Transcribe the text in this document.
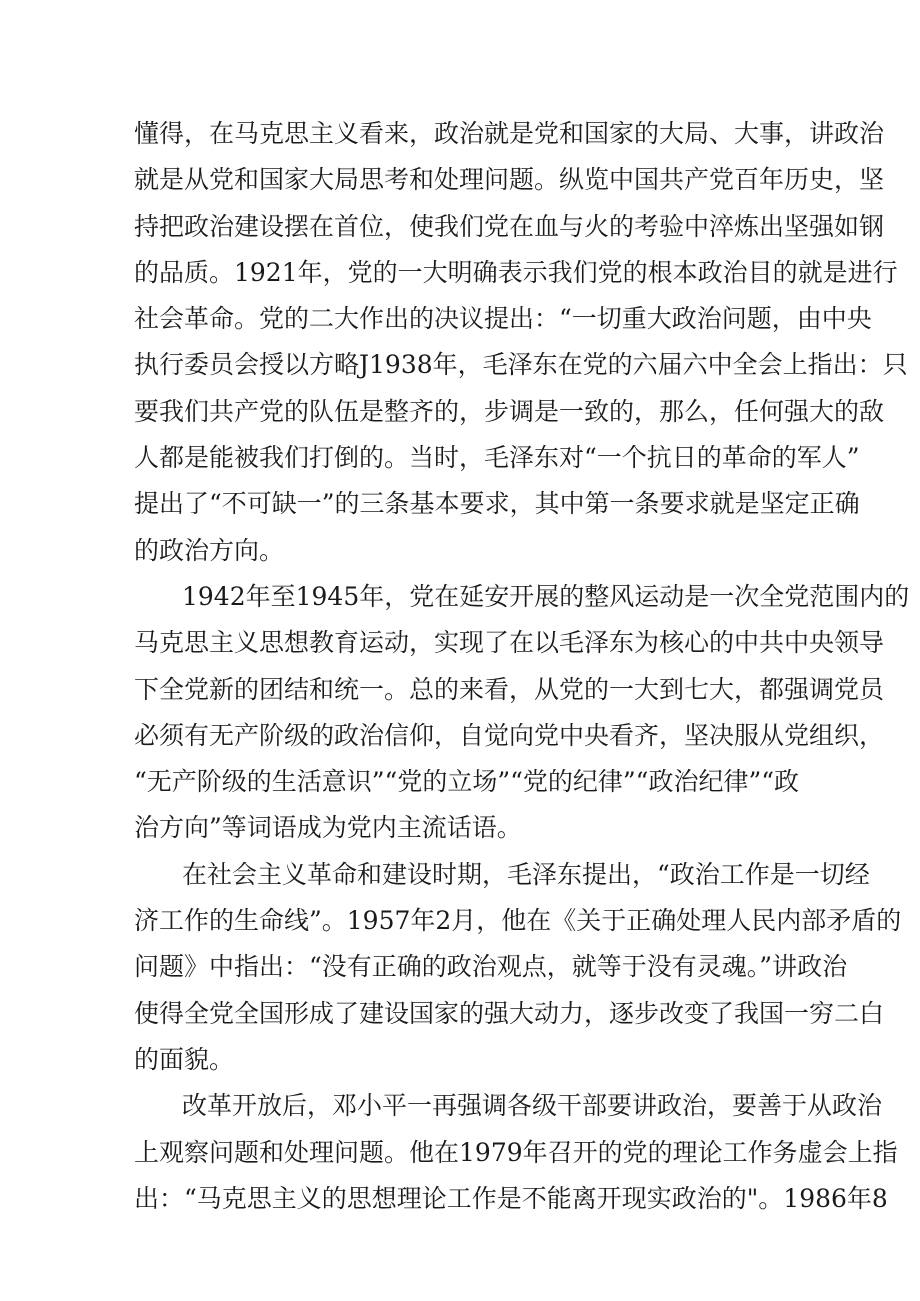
懂得，在马克思主义看来，政治就是党和国家的大局、大事，讲政治
就是从党和国家大局思考和处理问题。纵览中国共产党百年历史，坚
持把政治建设摆在首位，使我们党在血与火的考验中淬炼出坚强如钢
的品质。1921年，党的一大明确表示我们党的根本政治目的就是进行
社会革命。党的二大作出的决议提出：“一切重大政治问题，由中央
执行委员会授以方略J1938年，毛泽东在党的六届六中全会上指出：只
要我们共产党的队伍是整齐的，步调是一致的，那么，任何强大的敌
人都是能被我们打倒的。当时，毛泽东对“一个抗日的革命的军人”
提出了“不可缺一”的三条基本要求，其中第一条要求就是坚定正确
的政治方向。
1942年至1945年，党在延安开展的整风运动是一次全党范围内的
马克思主义思想教育运动，实现了在以毛泽东为核心的中共中央领导
下全党新的团结和统一。总的来看，从党的一大到七大，都强调党员
必须有无产阶级的政治信仰，自觉向党中央看齐，坚决服从党组织，
“无产阶级的生活意识”“党的立场”“党的纪律”“政治纪律”“政
治方向”等词语成为党内主流话语。
在社会主义革命和建设时期，毛泽东提出，“政治工作是一切经
济工作的生命线”。1957年2月，他在《关于正确处理人民内部矛盾的
问题》中指出：“没有正确的政治观点，就等于没有灵魂。”讲政治
使得全党全国形成了建设国家的强大动力，逐步改变了我国一穷二白
的面貌。
改革开放后，邓小平一再强调各级干部要讲政治，要善于从政治
上观察问题和处理问题。他在1979年召开的党的理论工作务虚会上指
出：“马克思主义的思想理论工作是不能离开现实政治的"。1986年8
